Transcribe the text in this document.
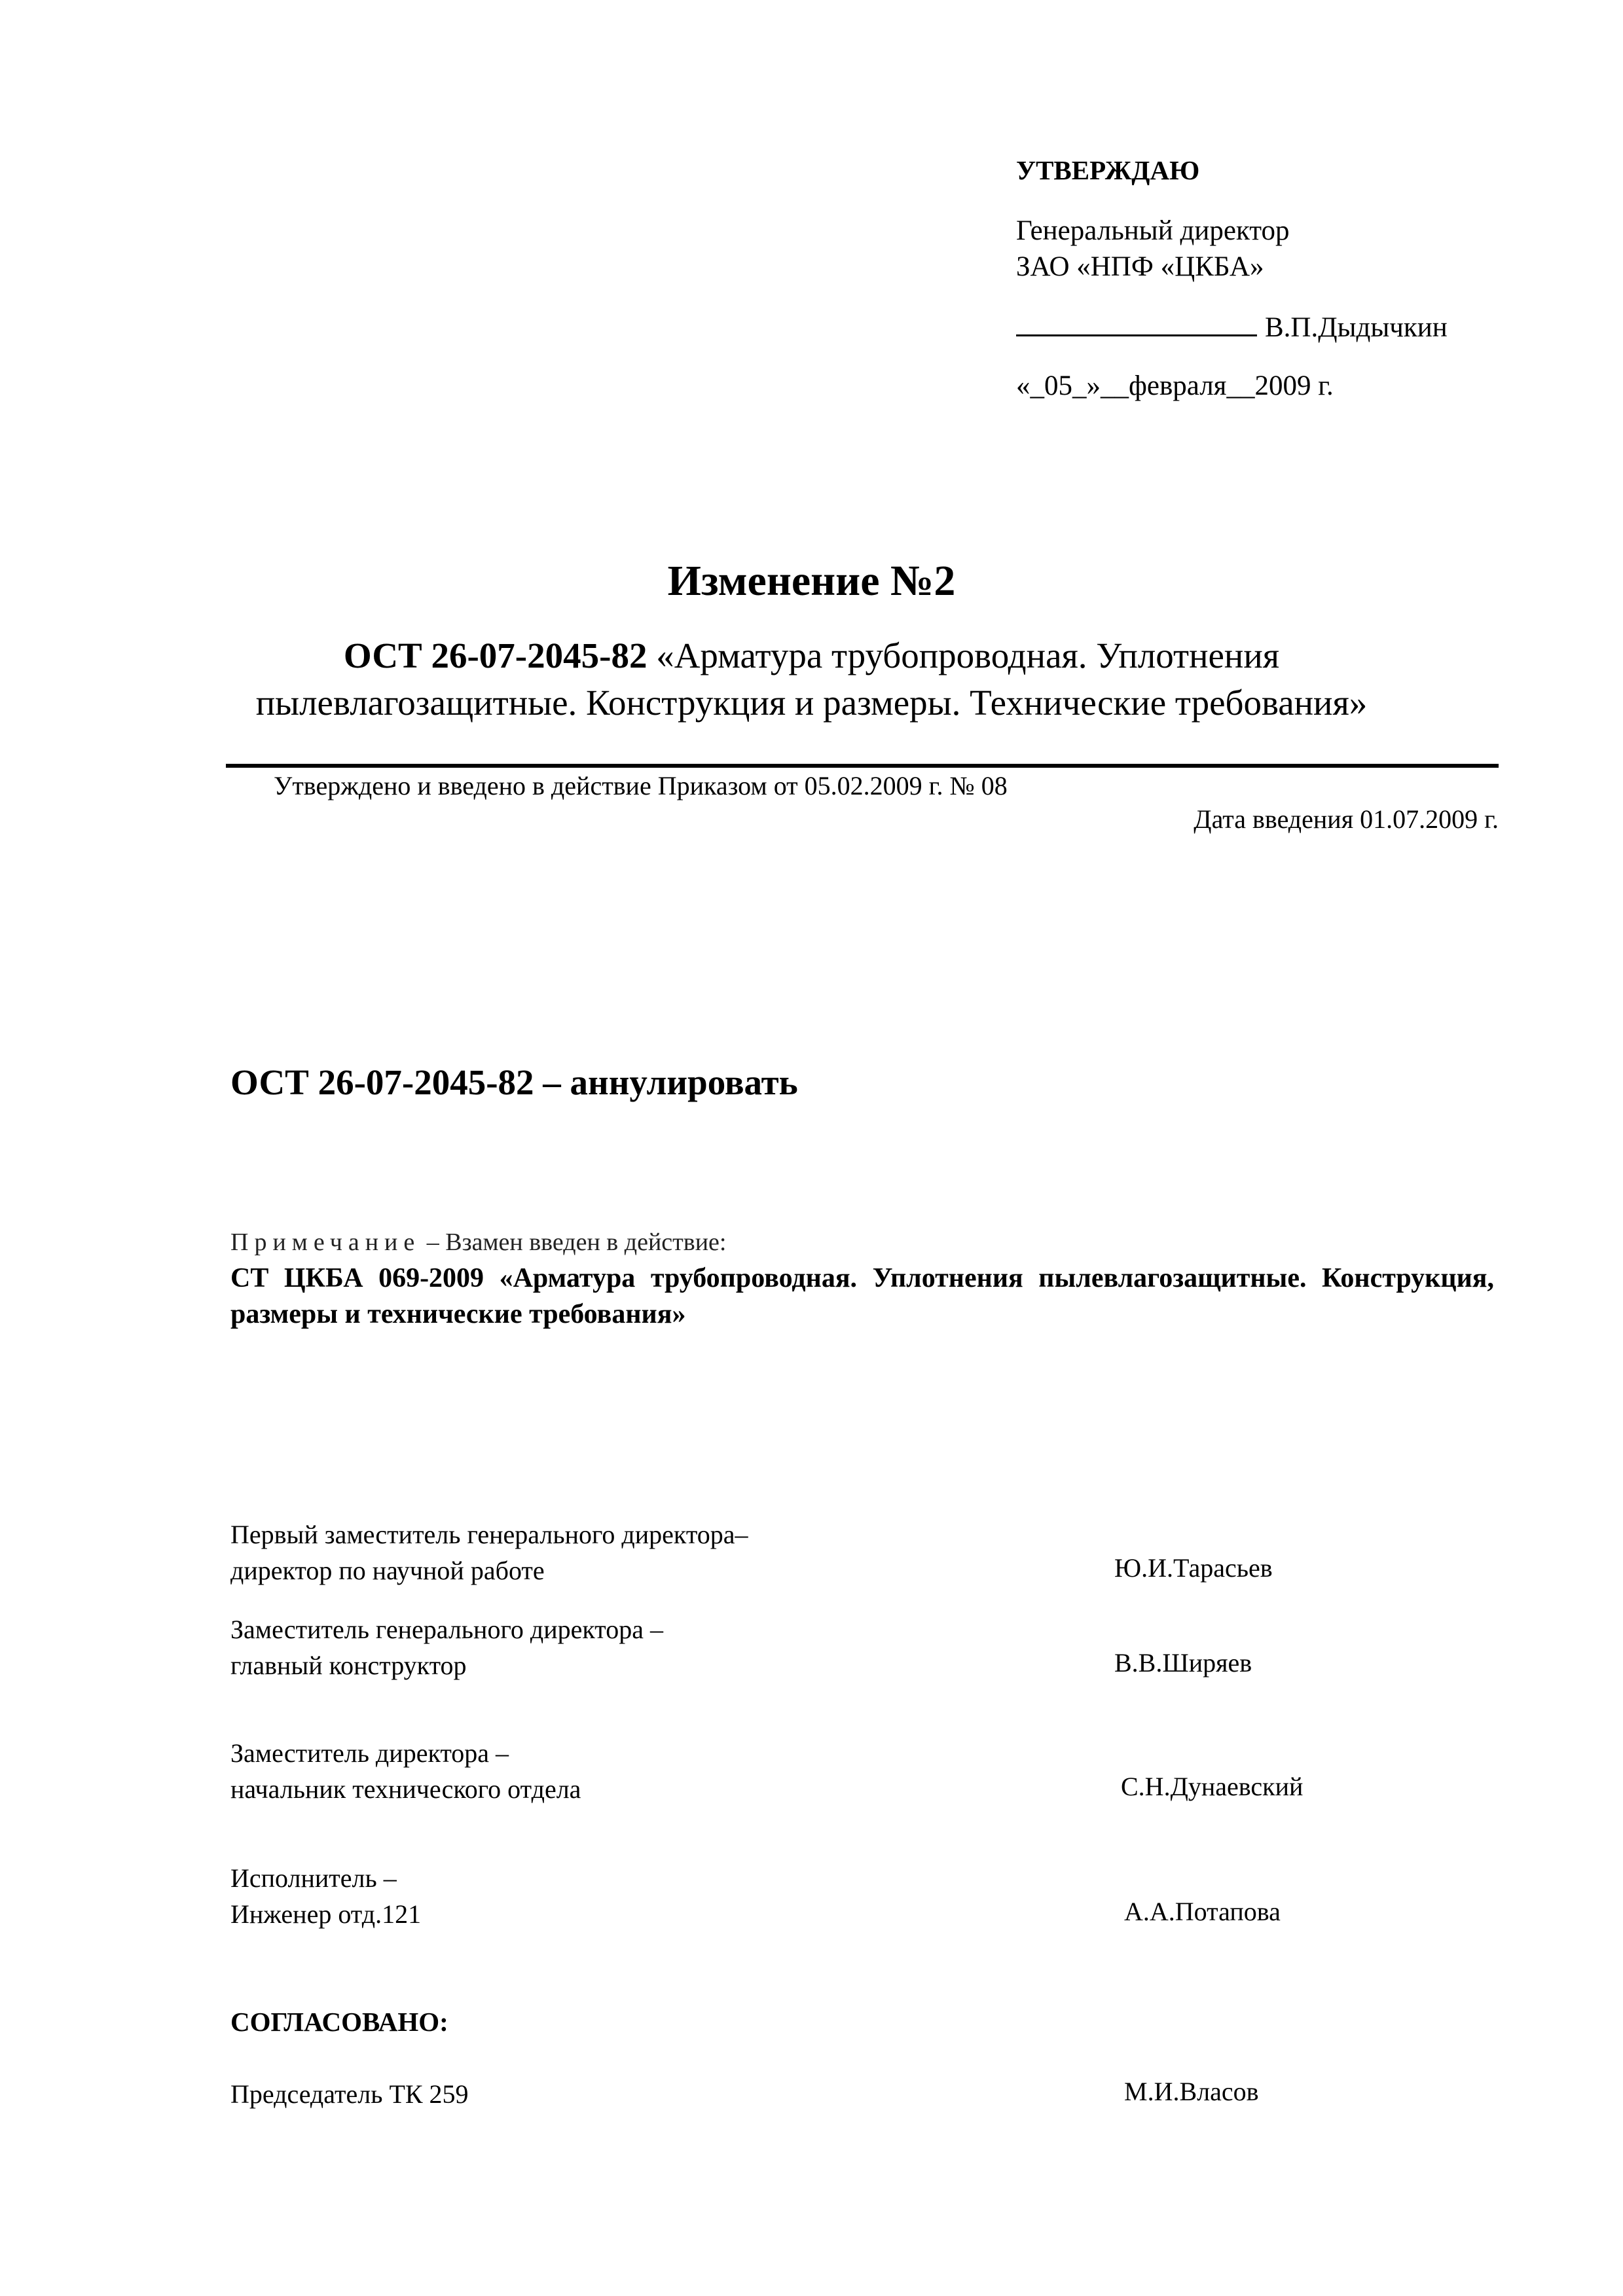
УТВЕРЖДАЮ
Генеральный директор
ЗАО «НПФ «ЦКБА»
В.П.Дыдычкин
«_05_»__февраля__2009 г.
Изменение №2
ОСТ 26-07-2045-82 «Арматура трубопроводная. Уплотнения
пылевлагозащитные. Конструкция и размеры. Технические требования»
Утверждено и введено в действие Приказом от 05.02.2009 г. № 08
Дата введения 01.07.2009 г.
ОСТ 26-07-2045-82 – аннулировать
Примечание – Взамен введен в действие:
СТ ЦКБА 069-2009 «Арматура трубопроводная. Уплотнения пылевлагозащитные. Конструкция, размеры и технические требования»
Первый заместитель генерального директора–
директор по научной работе	Ю.И.Тарасьев
Заместитель генерального директора –
главный конструктор	В.В.Ширяев
Заместитель директора –
начальник технического отдела	С.Н.Дунаевский
Исполнитель –
Инженер отд.121	А.А.Потапова
СОГЛАСОВАНО:
Председатель ТК 259	М.И.Власов
